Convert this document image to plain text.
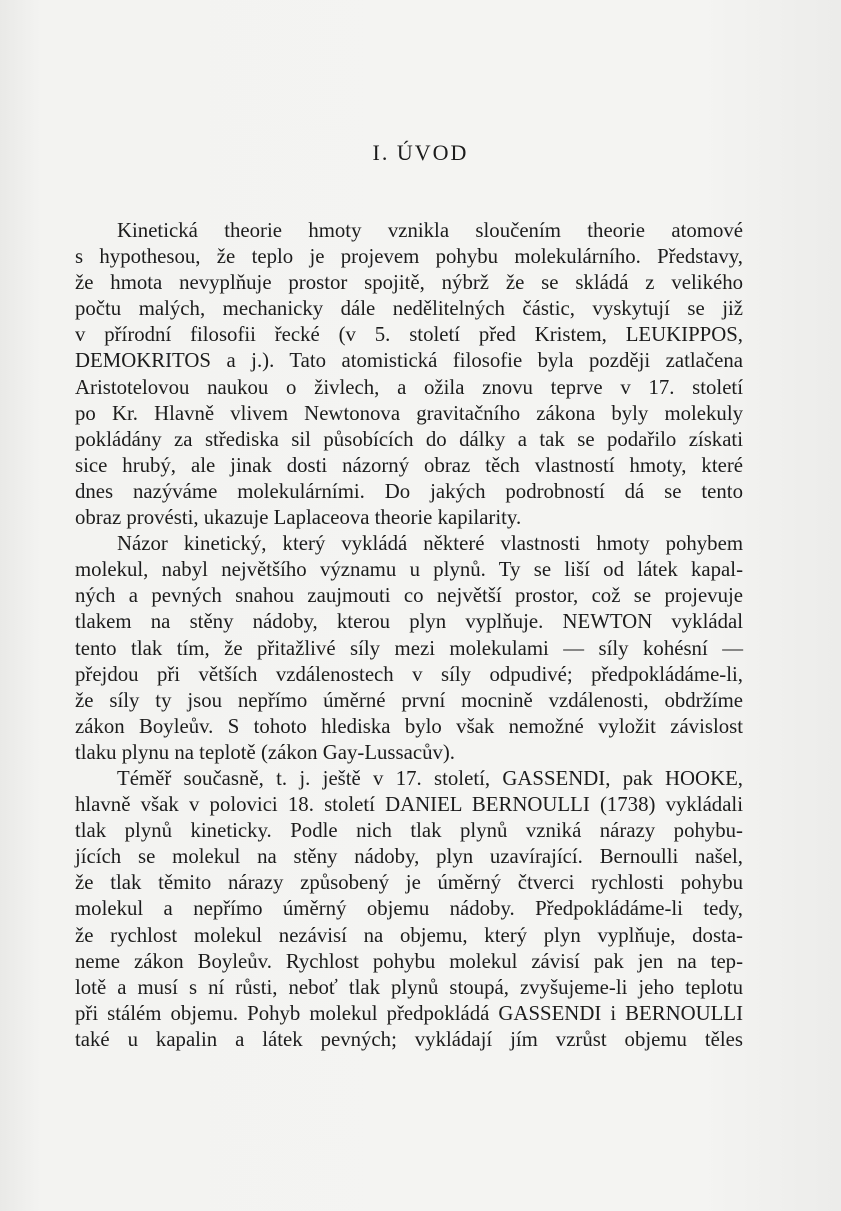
I. ÚVOD

Kinetická theorie hmoty vznikla sloučením theorie atomové
s hypothesou, že teplo je projevem pohybu molekulárního. Představy,
že hmota nevyplňuje prostor spojitě, nýbrž že se skládá z velikého
počtu malých, mechanicky dále nedělitelných částic, vyskytují se již
v přírodní filosofii řecké (v 5. století před Kristem, LEUKIPPOS,
DEMOKRITOS a j.). Tato atomistická filosofie byla později zatlačena
Aristotelovou naukou o živlech, a ožila znovu teprve v 17. století
po Kr. Hlavně vlivem Newtonova gravitačního zákona byly molekuly
pokládány za střediska sil působících do dálky a tak se podařilo získati
sice hrubý, ale jinak dosti názorný obraz těch vlastností hmoty, které
dnes nazýváme molekulárními. Do jakých podrobností dá se tento
obraz provésti, ukazuje Laplaceova theorie kapilarity.

Názor kinetický, který vykládá některé vlastnosti hmoty pohybem
molekul, nabyl největšího významu u plynů. Ty se liší od látek kapal-
ných a pevných snahou zaujmouti co největší prostor, což se projevuje
tlakem na stěny nádoby, kterou plyn vyplňuje. NEWTON vykládal
tento tlak tím, že přitažlivé síly mezi molekulami — síly kohésní —
přejdou při větších vzdálenostech v síly odpudivé; předpokládáme-li,
že síly ty jsou nepřímo úměrné první mocnině vzdálenosti, obdržíme
zákon Boyleův. S tohoto hlediska bylo však nemožné vyložit závislost
tlaku plynu na teplotě (zákon Gay-Lussacův).

Téměř současně, t. j. ještě v 17. století, GASSENDI, pak HOOKE,
hlavně však v polovici 18. století DANIEL BERNOULLI (1738) vykládali
tlak plynů kineticky. Podle nich tlak plynů vzniká nárazy pohybu-
jících se molekul na stěny nádoby, plyn uzavírající. Bernoulli našel,
že tlak těmito nárazy způsobený je úměrný čtverci rychlosti pohybu
molekul a nepřímo úměrný objemu nádoby. Předpokládáme-li tedy,
že rychlost molekul nezávisí na objemu, který plyn vyplňuje, dosta-
neme zákon Boyleův. Rychlost pohybu molekul závisí pak jen na tep-
lotě a musí s ní růsti, neboť tlak plynů stoupá, zvyšujeme-li jeho teplotu
při stálém objemu. Pohyb molekul předpokládá GASSENDI i BERNOULLI
také u kapalin a látek pevných; vykládají jím vzrůst objemu těles
